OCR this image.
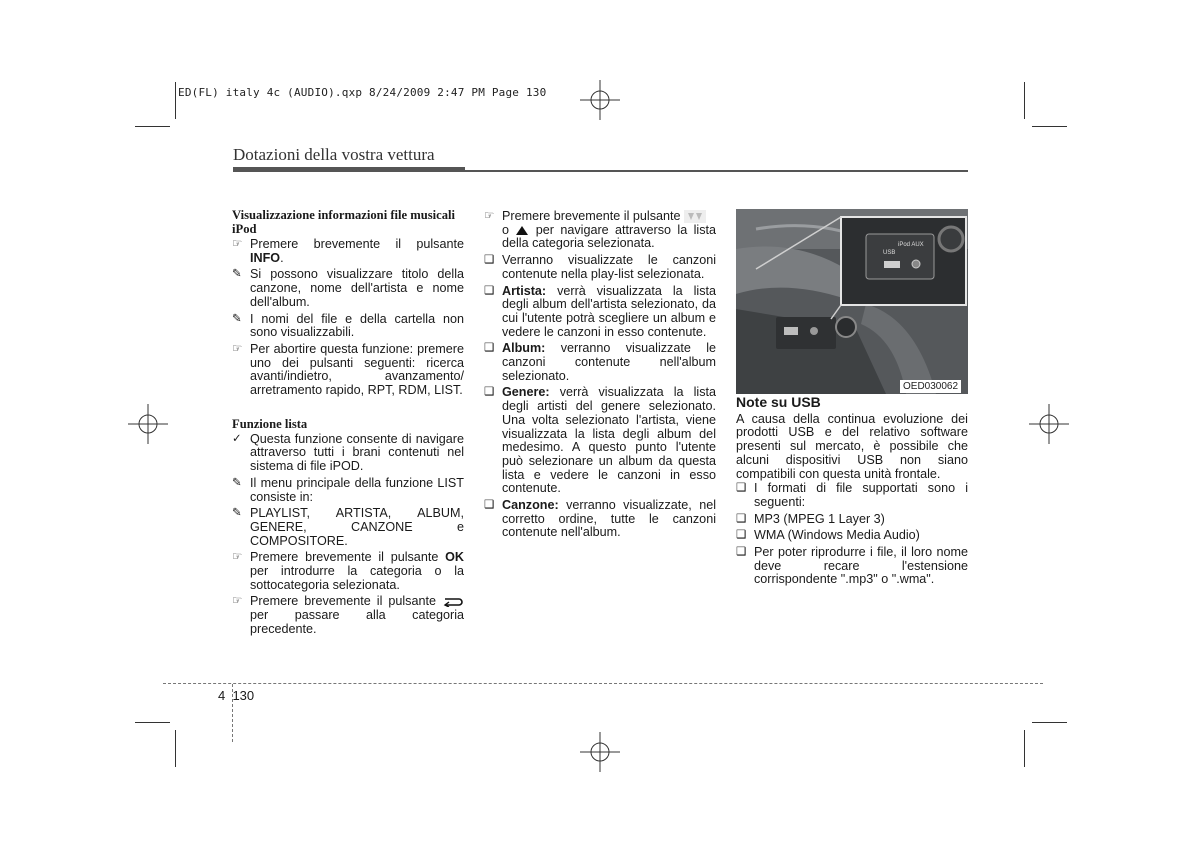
ED(FL) italy 4c (AUDIO).qxp 8/24/2009 2:47 PM Page 130
Dotazioni della vostra vettura
Visualizzazione informazioni file musicali iPod
☞ Premere brevemente il pulsante INFO.
✎ Si possono visualizzare titolo della canzone, nome dell'artista e nome dell'album.
✎ I nomi del file e della cartella non sono visualizzabili.
☞ Per abortire questa funzione: premere uno dei pulsanti seguenti: ricerca avanti/indietro, avanzamento/ arretramento rapido, RPT, RDM, LIST.
Funzione lista
✓ Questa funzione consente di navigare attraverso tutti i brani contenuti nel sistema di file iPOD.
✎ Il menu principale della funzione LIST consiste in:
✎ PLAYLIST, ARTISTA, ALBUM, GENERE, CANZONE e COMPOSITORE.
☞ Premere brevemente il pulsante OK per introdurre la categoria o la sottocategoria selezionata.
☞ Premere brevemente il pulsante  per passare alla categoria precedente.
☞ Premere brevemente il pulsante
o  per navigare attraverso la lista della categoria selezionata.
❑ Verranno visualizzate le canzoni contenute nella play-list selezionata.
❑ Artista: verrà visualizzata la lista degli album dell'artista selezionato, da cui l'utente potrà scegliere un album e vedere le canzoni in esso contenute.
❑ Album: verranno visualizzate le canzoni contenute nell'album selezionato.
❑ Genere: verrà visualizzata la lista degli artisti del genere selezionato. Una volta selezionato l'artista, viene visualizzata la lista degli album del medesimo. A questo punto l'utente può selezionare un album da questa lista e vedere le canzoni in esso contenute.
❑ Canzone: verranno visualizzate, nel corretto ordine, tutte le canzoni contenute nell'album.
USB
iPod AUX
OED030062
Note su USB
A causa della continua evoluzione dei prodotti USB e del relativo software presenti sul mercato, è possibile che alcuni dispositivi USB non siano compatibili con questa unità frontale.
❑ I formati di file supportati sono i seguenti:
❑ MP3 (MPEG 1 Layer 3)
❑ WMA (Windows Media Audio)
❑ Per poter riprodurre i file, il loro nome deve recare l'estensione corrispondente ".mp3" o ".wma".
4  130
